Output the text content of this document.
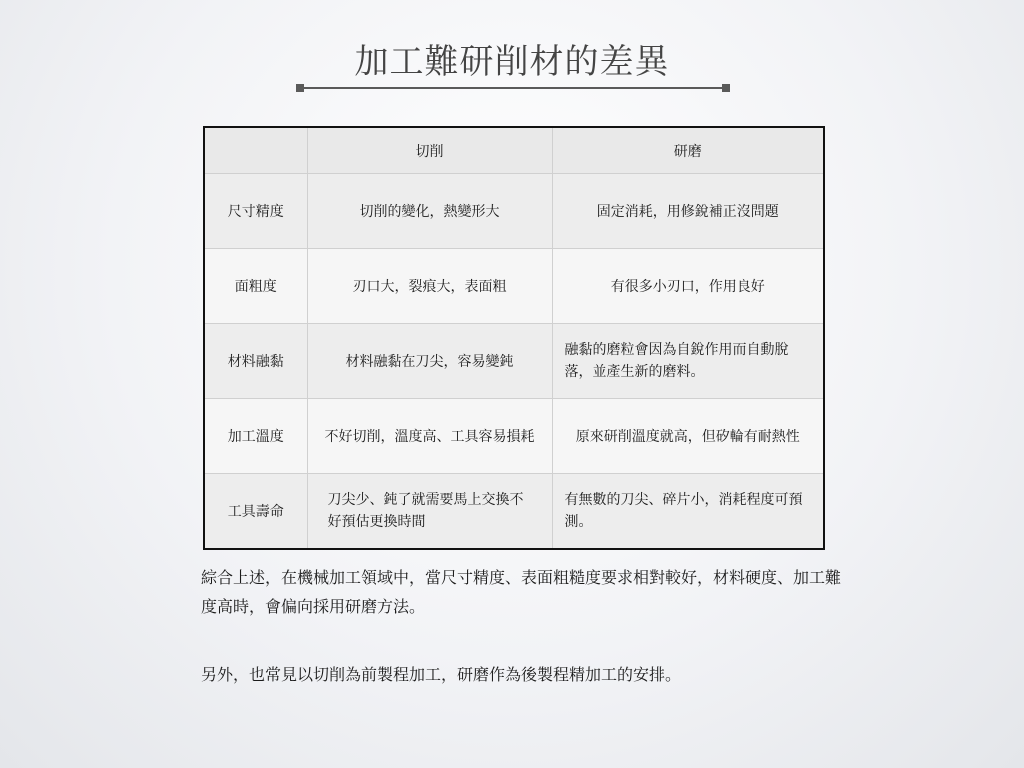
加工難研削材的差異
	切削	研磨
尺寸精度	切削的變化，熱變形大	固定消耗，用修銳補正沒問題
面粗度	刃口大，裂痕大，表面粗	有很多小刃口，作用良好
材料融黏	材料融黏在刀尖，容易變鈍	融黏的磨粒會因為自銳作用而自動脫落，並產生新的磨料。
加工溫度	不好切削，溫度高、工具容易損耗	原來研削溫度就高，但矽輪有耐熱性
工具壽命	刀尖少、鈍了就需要馬上交換不好預估更換時間	有無數的刀尖、碎片小，消耗程度可預測。
綜合上述，在機械加工領域中，當尺寸精度、表面粗糙度要求相對較好，材料硬度、加工難度高時，會偏向採用研磨方法。
另外，也常見以切削為前製程加工，研磨作為後製程精加工的安排。
